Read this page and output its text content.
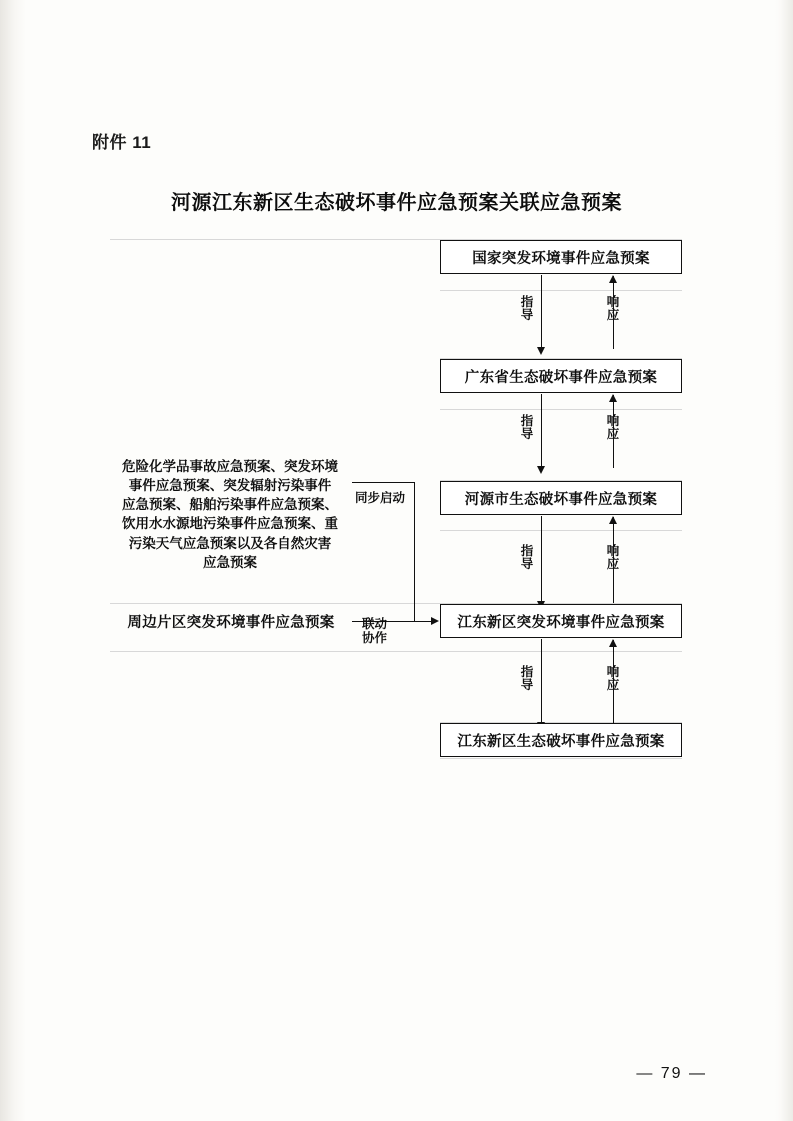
附件 11
河源江东新区生态破坏事件应急预案关联应急预案
国家突发环境事件应急预案
指
导
响
应
广东省生态破坏事件应急预案
指
导
响
应
河源市生态破坏事件应急预案
指
导
响
应
江东新区突发环境事件应急预案
指
导
响
应
江东新区生态破坏事件应急预案
周边片区突发环境事件应急预案	联动
协作
同步启动
危险化学品事故应急预案、突发环境
事件应急预案、突发辐射污染事件
应急预案、船舶污染事件应急预案、
饮用水水源地污染事件应急预案、重
污染天气应急预案以及各自然灾害
应急预案
— 79 —
